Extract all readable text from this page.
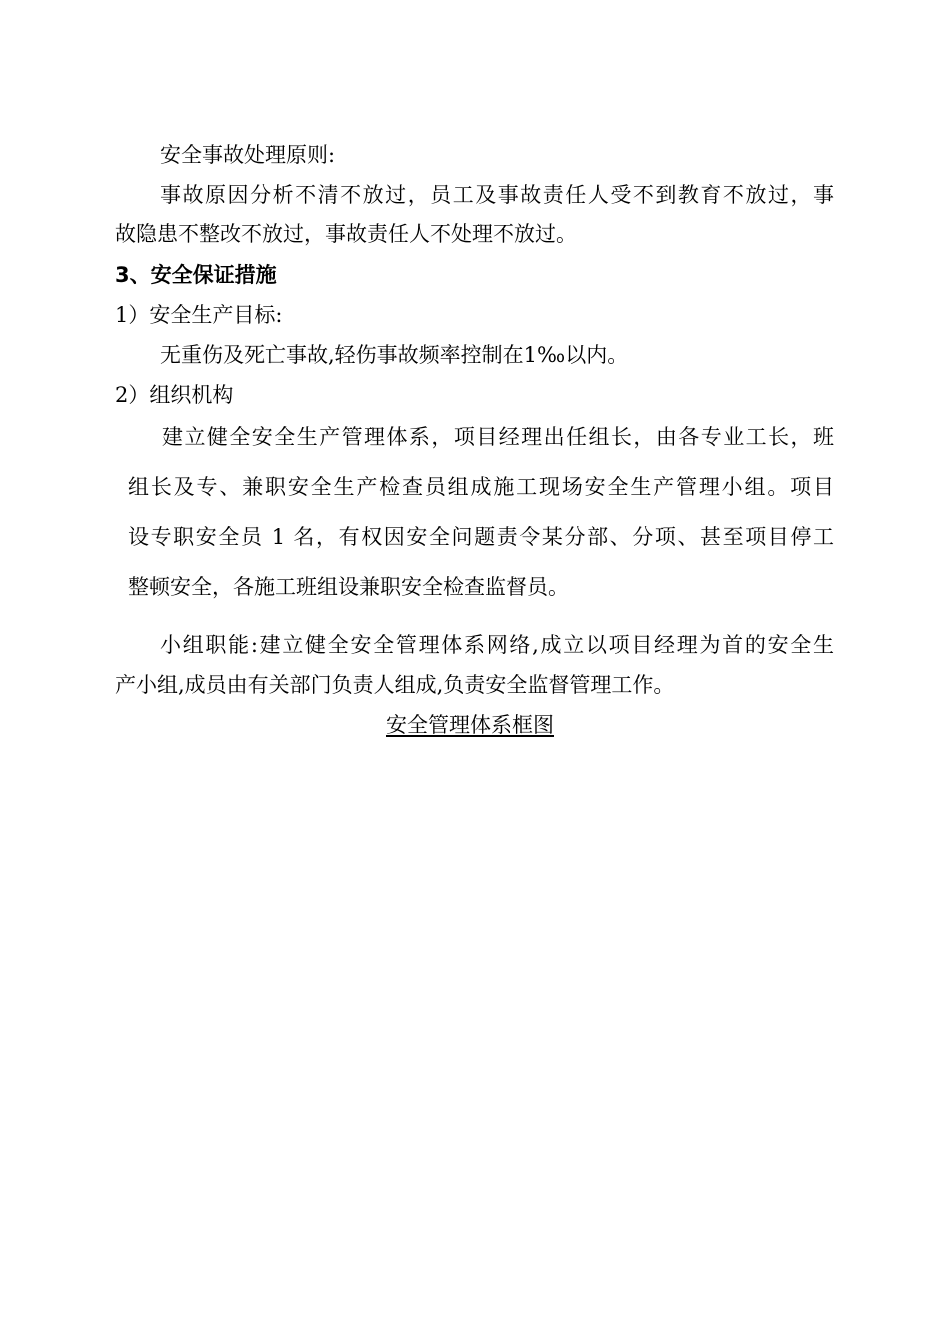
安全事故处理原则:
事故原因分析不清不放过，员工及事故责任人受不到教育不放过，事
故隐患不整改不放过，事故责任人不处理不放过。
3、安全保证措施
1）安全生产目标:
无重伤及死亡事故,轻伤事故频率控制在1‰以内。
2）组织机构
建立健全安全生产管理体系，项目经理出任组长，由各专业工长，班
组长及专、兼职安全生产检查员组成施工现场安全生产管理小组。项目
设专职安全员 1 名，有权因安全问题责令某分部、分项、甚至项目停工
整顿安全，各施工班组设兼职安全检查监督员。
小组职能:建立健全安全管理体系网络,成立以项目经理为首的安全生
产小组,成员由有关部门负责人组成,负责安全监督管理工作。
安全管理体系框图
